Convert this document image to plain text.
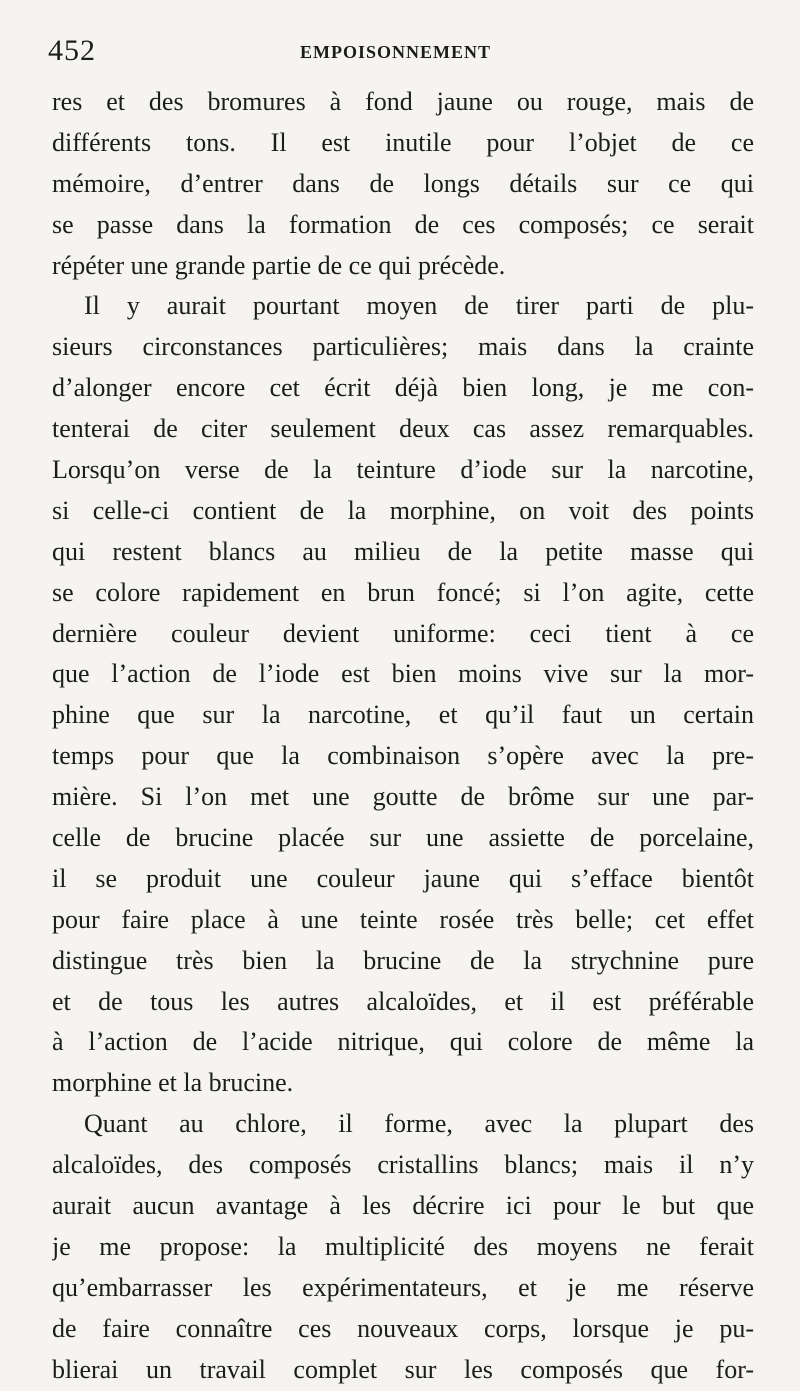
452	EMPOISONNEMENT
res et des bromures à fond jaune ou rouge, mais de
différents tons. Il est inutile pour l’objet de ce
mémoire, d’entrer dans de longs détails sur ce qui
se passe dans la formation de ces composés; ce serait
répéter une grande partie de ce qui précède.
Il y aurait pourtant moyen de tirer parti de plu-
sieurs circonstances particulières; mais dans la crainte
d’alonger encore cet écrit déjà bien long, je me con-
tenterai de citer seulement deux cas assez remarquables.
Lorsqu’on verse de la teinture d’iode sur la narcotine,
si celle-ci contient de la morphine, on voit des points
qui restent blancs au milieu de la petite masse qui
se colore rapidement en brun foncé; si l’on agite, cette
dernière couleur devient uniforme: ceci tient à ce
que l’action de l’iode est bien moins vive sur la mor-
phine que sur la narcotine, et qu’il faut un certain
temps pour que la combinaison s’opère avec la pre-
mière. Si l’on met une goutte de brôme sur une par-
celle de brucine placée sur une assiette de porcelaine,
il se produit une couleur jaune qui s’efface bientôt
pour faire place à une teinte rosée très belle; cet effet
distingue très bien la brucine de la strychnine pure
et de tous les autres alcaloïdes, et il est préférable
à l’action de l’acide nitrique, qui colore de même la
morphine et la brucine.
Quant au chlore, il forme, avec la plupart des
alcaloïdes, des composés cristallins blancs; mais il n’y
aurait aucun avantage à les décrire ici pour le but que
je me propose: la multiplicité des moyens ne ferait
qu’embarrasser les expérimentateurs, et je me réserve
de faire connaître ces nouveaux corps, lorsque je pu-
blierai un travail complet sur les composés que for-
